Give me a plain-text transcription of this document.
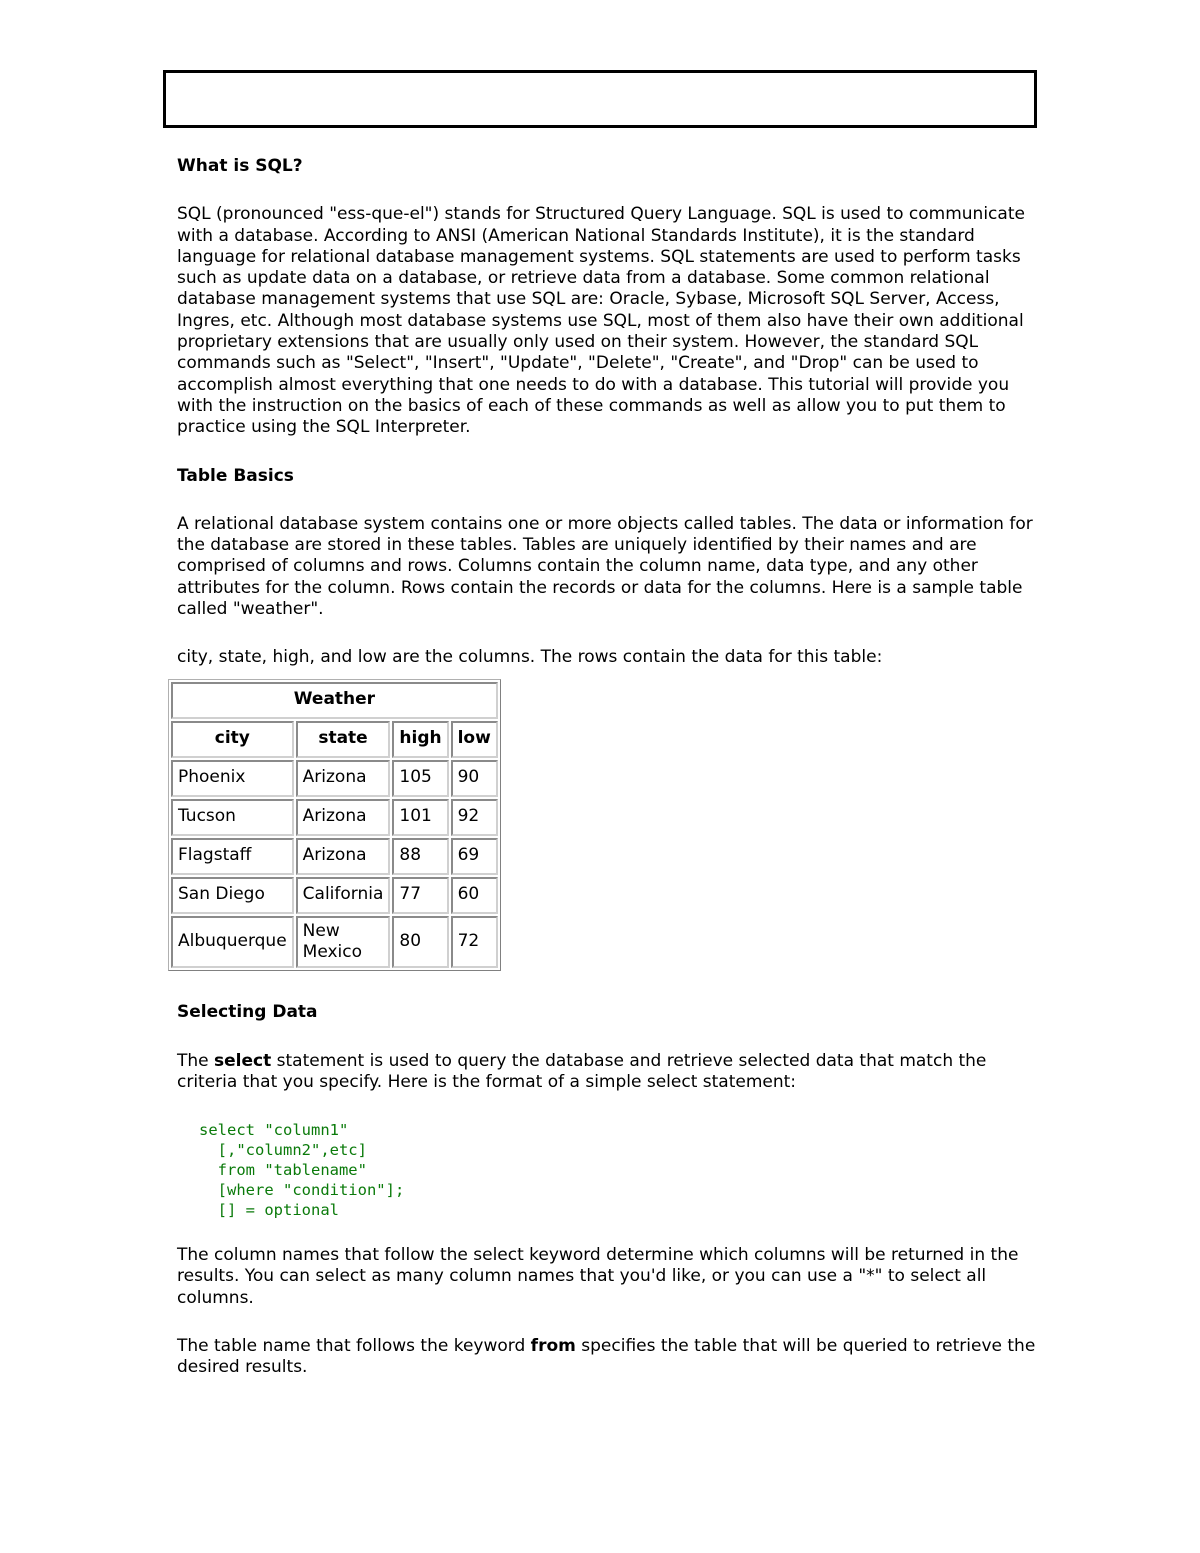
What is SQL?

SQL (pronounced "ess-que-el") stands for Structured Query Language. SQL is used to communicate with a database. According to ANSI (American National Standards Institute), it is the standard language for relational database management systems. SQL statements are used to perform tasks such as update data on a database, or retrieve data from a database. Some common relational database management systems that use SQL are: Oracle, Sybase, Microsoft SQL Server, Access, Ingres, etc. Although most database systems use SQL, most of them also have their own additional proprietary extensions that are usually only used on their system. However, the standard SQL commands such as "Select", "Insert", "Update", "Delete", "Create", and "Drop" can be used to accomplish almost everything that one needs to do with a database. This tutorial will provide you with the instruction on the basics of each of these commands as well as allow you to put them to practice using the SQL Interpreter.

Table Basics

A relational database system contains one or more objects called tables. The data or information for the database are stored in these tables. Tables are uniquely identified by their names and are comprised of columns and rows. Columns contain the column name, data type, and any other attributes for the column. Rows contain the records or data for the columns. Here is a sample table called "weather".

city, state, high, and low are the columns. The rows contain the data for this table:

Weather			
city	state	high	low
Phoenix	Arizona	105	90
Tucson	Arizona	101	92
Flagstaff	Arizona	88	69
San Diego	California	77	60
Albuquerque	New Mexico	80	72
Selecting Data

The select statement is used to query the database and retrieve selected data that match the criteria that you specify. Here is the format of a simple select statement:

select "column1"
[,"column2",etc]
from "tablename"
[where "condition"];
[] = optional

The column names that follow the select keyword determine which columns will be returned in the results. You can select as many column names that you'd like, or you can use a "*" to select all columns.

The table name that follows the keyword from specifies the table that will be queried to retrieve the desired results.
